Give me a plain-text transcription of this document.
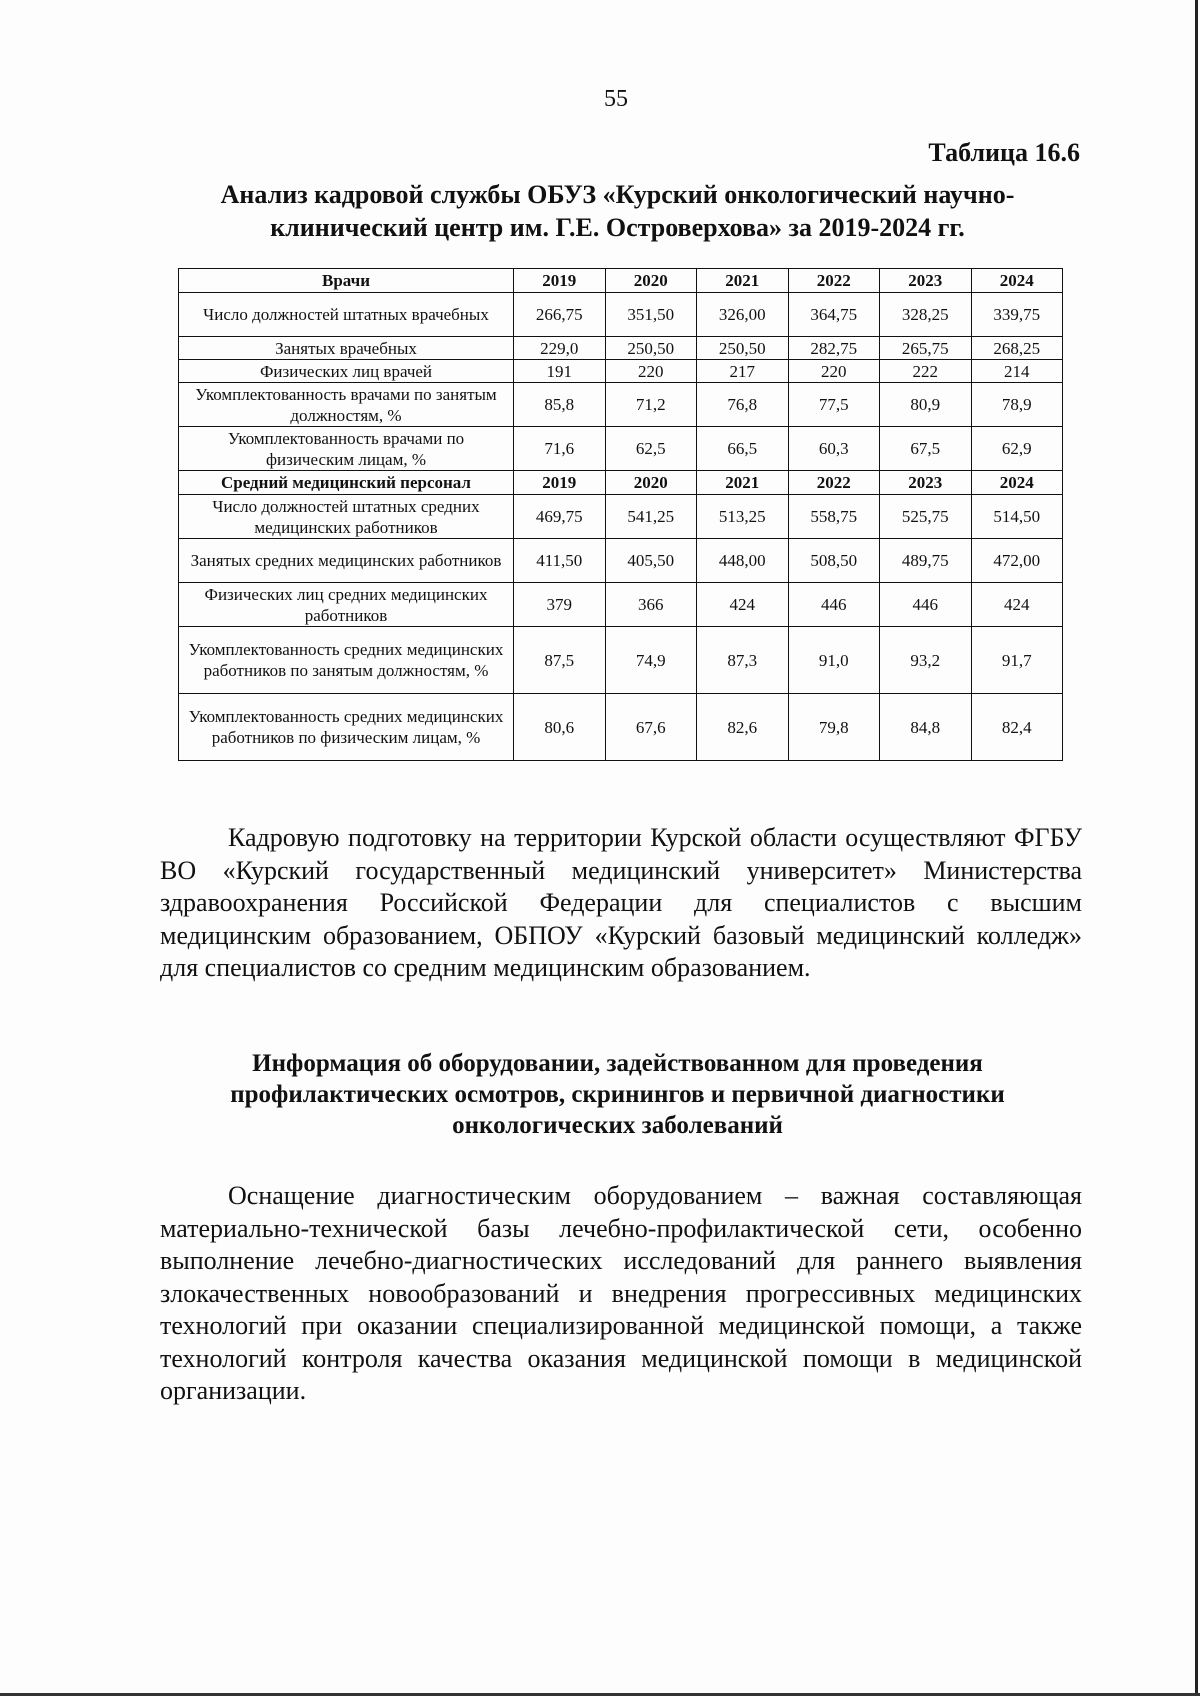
55
Таблица 16.6
Анализ кадровой службы ОБУЗ «Курский онкологический научно-клинический центр им. Г.Е. Островерхова» за 2019-2024 гг.
Врачи	2019	2020	2021	2022	2023	2024
Число должностей штатных врачебных	266,75	351,50	326,00	364,75	328,25	339,75
Занятых врачебных	229,0	250,50	250,50	282,75	265,75	268,25
Физических лиц врачей	191	220	217	220	222	214
Укомплектованность врачами по занятым должностям, %	85,8	71,2	76,8	77,5	80,9	78,9
Укомплектованность врачами по физическим лицам, %	71,6	62,5	66,5	60,3	67,5	62,9
Средний медицинский персонал	2019	2020	2021	2022	2023	2024
Число должностей штатных средних медицинских работников	469,75	541,25	513,25	558,75	525,75	514,50
Занятых средних медицинских работников	411,50	405,50	448,00	508,50	489,75	472,00
Физических лиц средних медицинских работников	379	366	424	446	446	424
Укомплектованность средних медицинских работников по занятым должностям, %	87,5	74,9	87,3	91,0	93,2	91,7
Укомплектованность средних медицинских работников по физическим лицам, %	80,6	67,6	82,6	79,8	84,8	82,4
Кадровую подготовку на территории Курской области осуществляют ФГБУ ВО «Курский государственный медицинский университет» Министерства здравоохранения Российской Федерации для специалистов с высшим медицинским образованием, ОБПОУ «Курский базовый медицинский колледж» для специалистов со средним медицинским образованием.
Информация об оборудовании, задействованном для проведения профилактических осмотров, скринингов и первичной диагностики онкологических заболеваний
Оснащение диагностическим оборудованием – важная составляющая материально-технической базы лечебно-профилактической сети, особенно выполнение лечебно-диагностических исследований для раннего выявления злокачественных новообразований и внедрения прогрессивных медицинских технологий при оказании специализированной медицинской помощи, а также технологий контроля качества оказания медицинской помощи в медицинской организации.
